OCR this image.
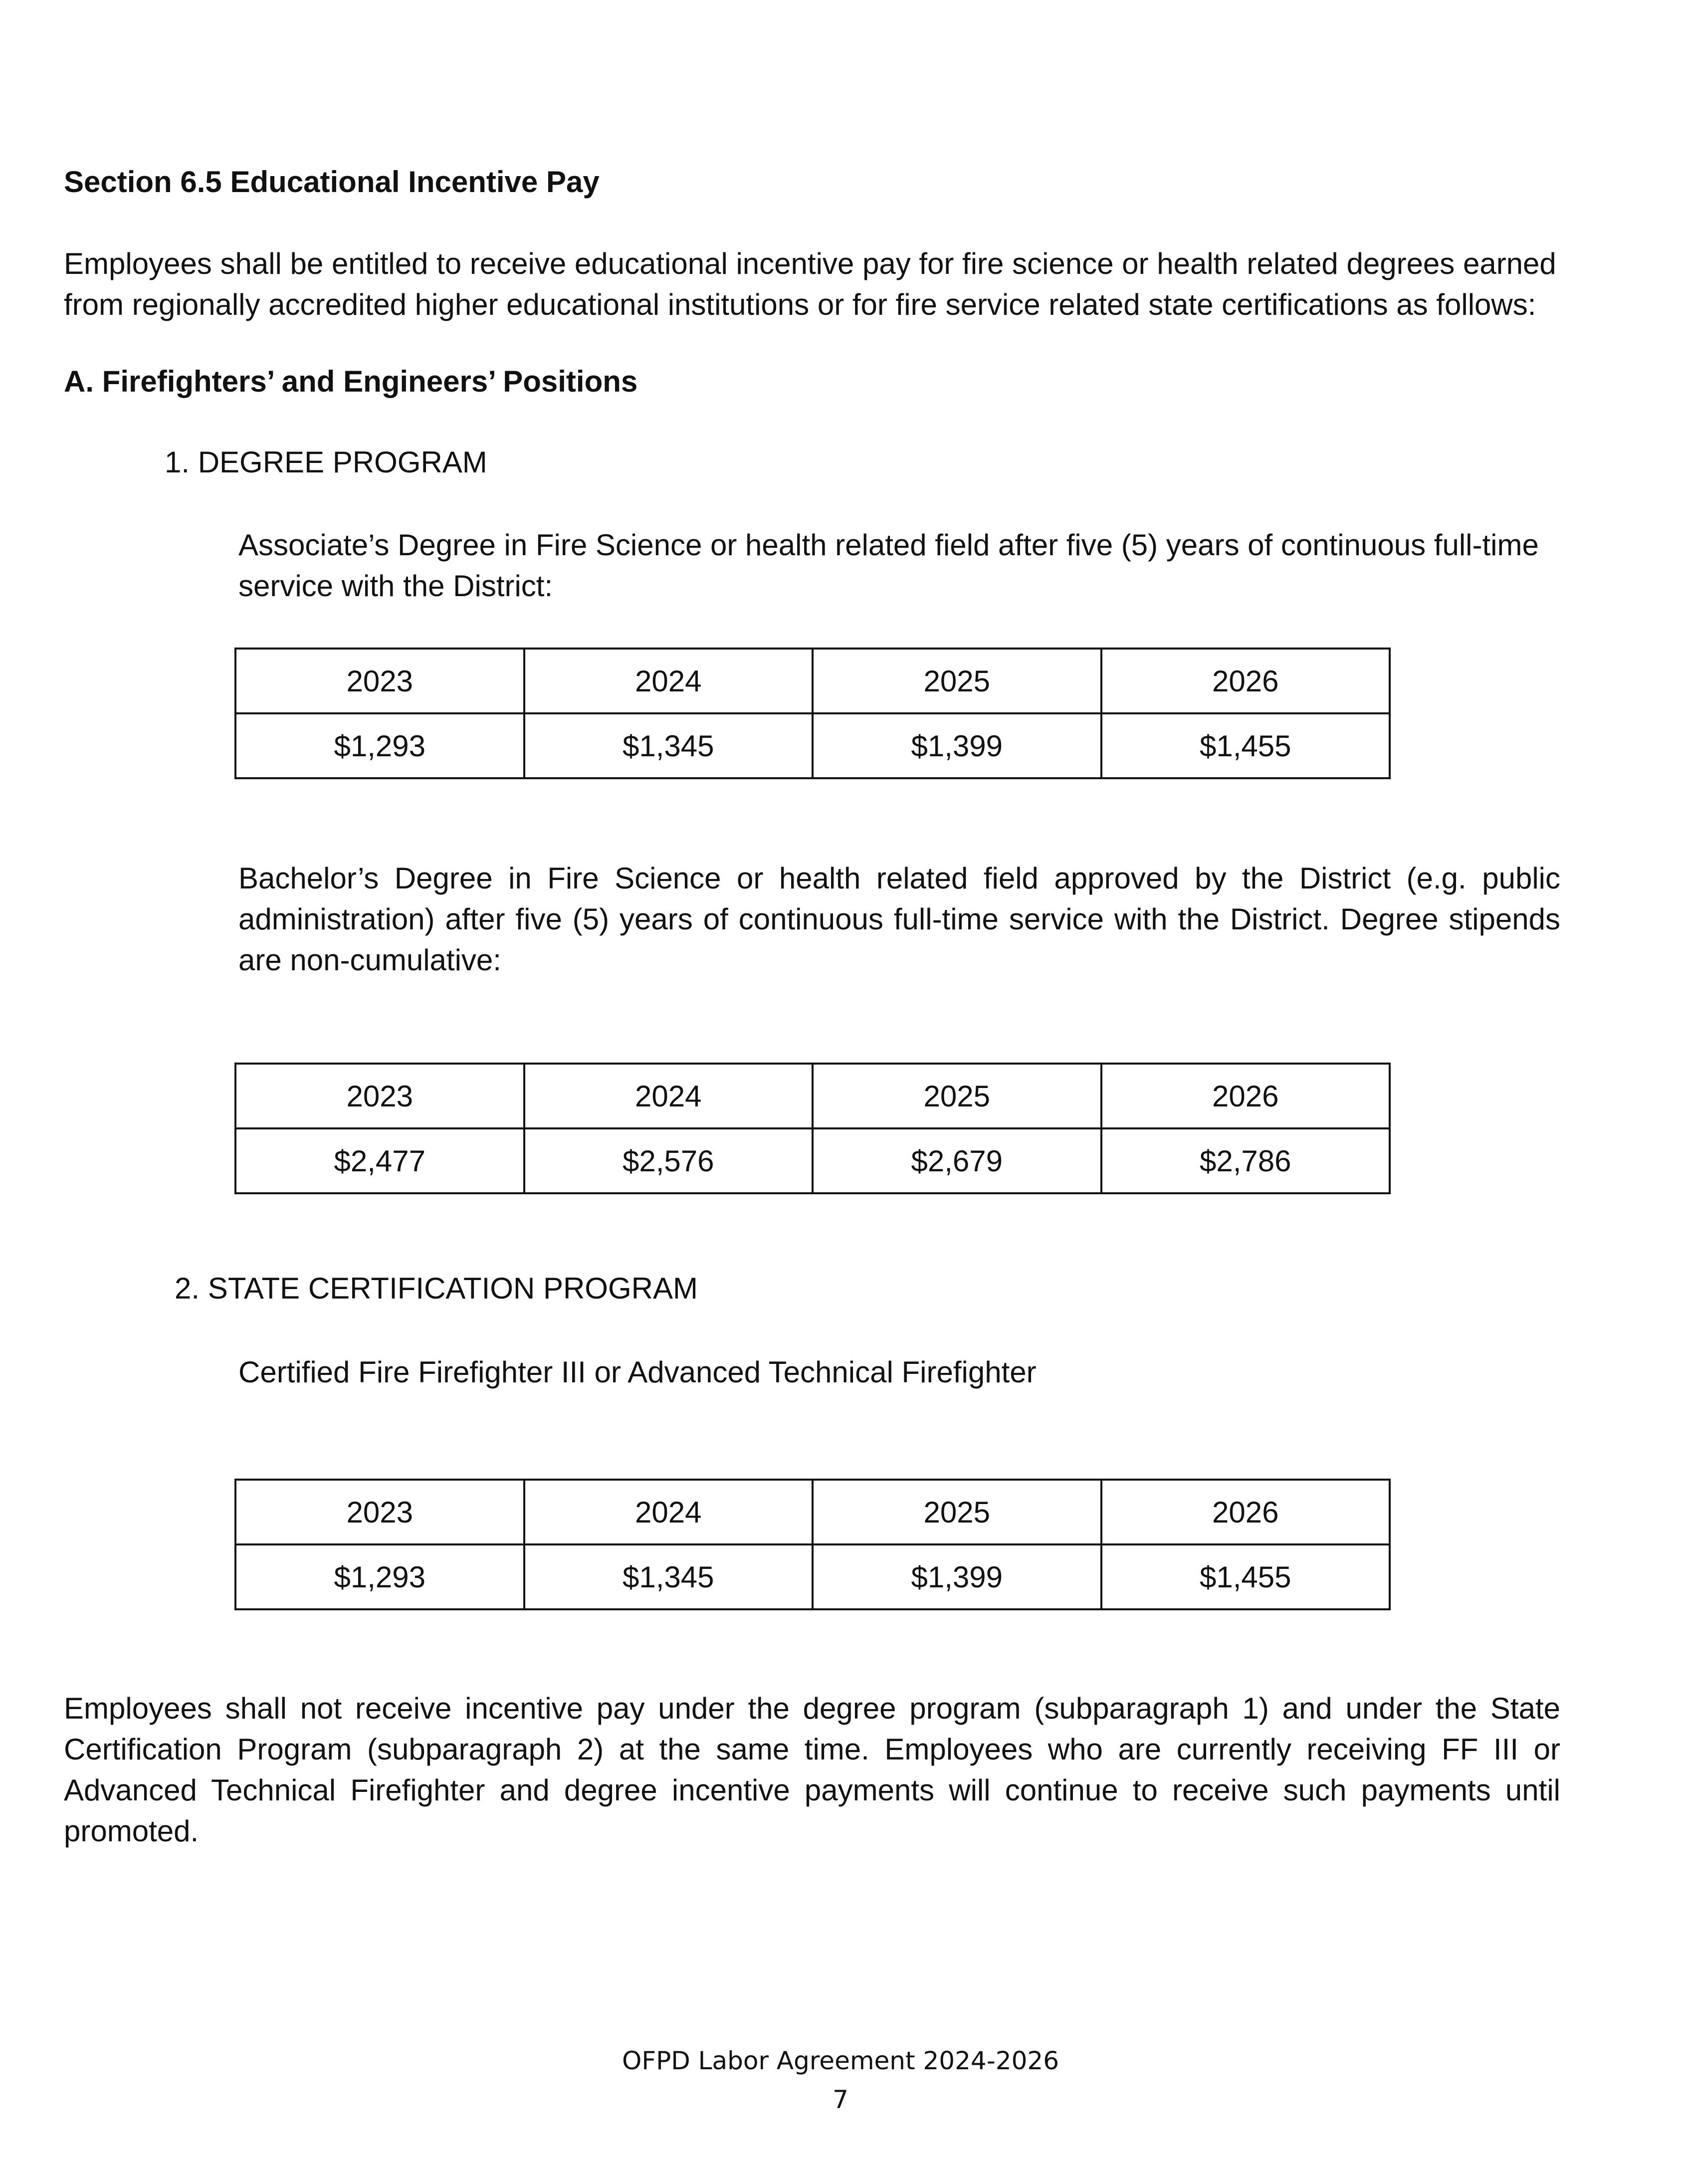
Section 6.5 Educational Incentive Pay

Employees shall be entitled to receive educational incentive pay for fire science or health related degrees earned from regionally accredited higher educational institutions or for fire service related state certifications as follows:

A. Firefighters’ and Engineers’ Positions

1. DEGREE PROGRAM

Associate’s Degree in Fire Science or health related field after five (5) years of continuous full-time service with the District:

2023	2024	2025	2026
$1,293	$1,345	$1,399	$1,455

Bachelor’s Degree in Fire Science or health related field approved by the District (e.g. public administration) after five (5) years of continuous full-time service with the District. Degree stipends are non-cumulative:

2023	2024	2025	2026
$2,477	$2,576	$2,679	$2,786

2. STATE CERTIFICATION PROGRAM

Certified Fire Firefighter III or Advanced Technical Firefighter

2023	2024	2025	2026
$1,293	$1,345	$1,399	$1,455

Employees shall not receive incentive pay under the degree program (subparagraph 1) and under the State Certification Program (subparagraph 2) at the same time. Employees who are currently receiving FF III or Advanced Technical Firefighter and degree incentive payments will continue to receive such payments until promoted.

OFPD Labor Agreement 2024-2026

7
